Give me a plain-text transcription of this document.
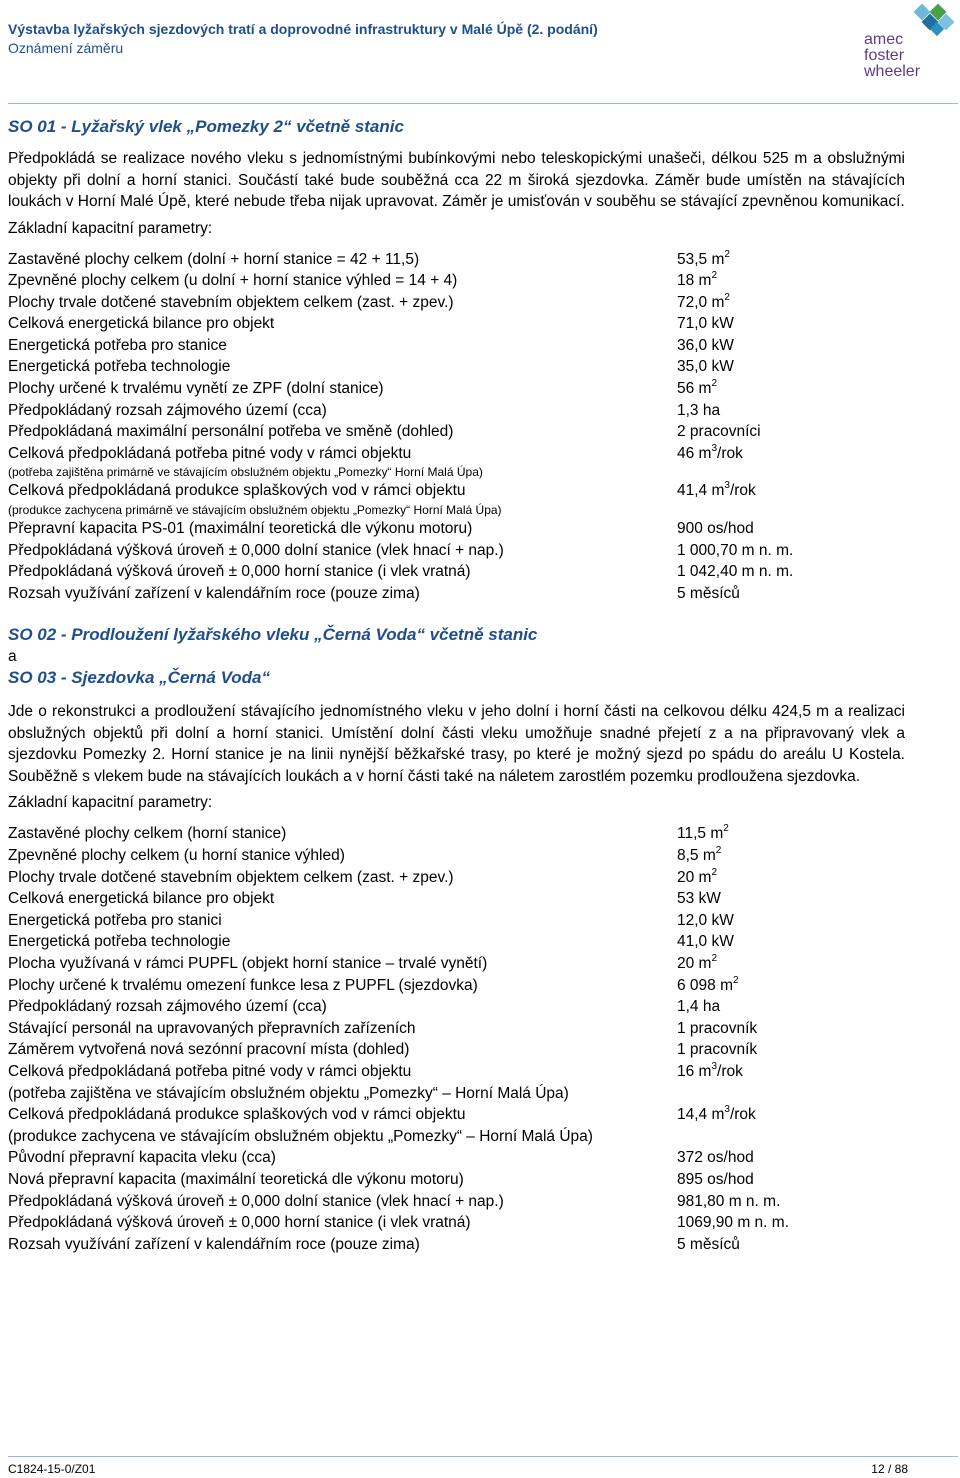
Výstavba lyžařských sjezdových tratí a doprovodné infrastruktury v Malé Úpě (2. podání)
Oznámení záměru	amec
foster
wheeler
SO 01 - Lyžařský vlek „Pomezky 2“ včetně stanic

Předpokládá se realizace nového vleku s jednomístnými bubínkovými nebo teleskopickými unašeči, délkou 525 m a obslužnými objekty při dolní a horní stanici. Součástí také bude souběžná cca 22 m široká sjezdovka. Záměr bude umístěn na stávajících loukách v Horní Malé Úpě, které nebude třeba nijak upravovat. Záměr je umisťován v souběhu se stávající zpevněnou komunikací.

Základní kapacitní parametry:
Zastavěné plochy celkem (dolní + horní stanice = 42 + 11,5)	53,5 $m^2$
Zpevněné plochy celkem (u dolní + horní stanice výhled = 14 + 4)	18 $m^2$
Plochy trvale dotčené stavebním objektem celkem (zast. + zpev.)	72,0 $m^2$
Celková energetická bilance pro objekt	71,0 kW
Energetická potřeba pro stanice	36,0 kW
Energetická potřeba technologie	35,0 kW
Plochy určené k trvalému vynětí ze ZPF (dolní stanice)	56 $m^2$
Předpokládaný rozsah zájmového území (cca)	1,3 ha
Předpokládaná maximální personální potřeba ve směně (dohled)	2 pracovníci
Celková předpokládaná potřeba pitné vody v rámci objektu	46 $m^3$/rok
(potřeba zajištěna primárně ve stávajícím obslužném objektu „Pomezky“ Horní Malá Úpa)
Celková předpokládaná produkce splaškových vod v rámci objektu	41,4 $m^3$/rok
(produkce zachycena primárně ve stávajícím obslužném objektu „Pomezky“ Horní Malá Úpa)
Přepravní kapacita PS-01 (maximální teoretická dle výkonu motoru)	900 os/hod
Předpokládaná výšková úroveň ± 0,000 dolní stanice (vlek hnací + nap.)	1 000,70 m n. m.
Předpokládaná výšková úroveň ± 0,000 horní stanice (i vlek vratná)	1 042,40 m n. m.
Rozsah využívání zařízení v kalendářním roce (pouze zima)	5 měsíců
SO 02 - Prodloužení lyžařského vleku „Černá Voda“ včetně stanic
a
SO 03 - Sjezdovka „Černá Voda“

Jde o rekonstrukci a prodloužení stávajícího jednomístného vleku v jeho dolní i horní části na celkovou délku 424,5 m a realizaci obslužných objektů při dolní a horní stanici. Umístění dolní části vleku umožňuje snadné přejetí z a na připravovaný vlek a sjezdovku Pomezky 2. Horní stanice je na linii nynější běžkařské trasy, po které je možný sjezd po spádu do areálu U Kostela. Souběžně s vlekem bude na stávajících loukách a v horní části také na náletem zarostlém pozemku prodloužena sjezdovka.

Základní kapacitní parametry:
Zastavěné plochy celkem (horní stanice)	11,5 $m^2$
Zpevněné plochy celkem (u horní stanice výhled)	8,5 $m^2$
Plochy trvale dotčené stavebním objektem celkem (zast. + zpev.)	20 $m^2$
Celková energetická bilance pro objekt	53 kW
Energetická potřeba pro stanici	12,0 kW
Energetická potřeba technologie	41,0 kW
Plocha využívaná v rámci PUPFL (objekt horní stanice – trvalé vynětí)	20 $m^2$
Plochy určené k trvalému omezení funkce lesa z PUPFL (sjezdovka)	6 098 $m^2$
Předpokládaný rozsah zájmového území (cca)	1,4 ha
Stávající personál na upravovaných přepravních zařízeních	1 pracovník
Záměrem vytvořená nová sezónní pracovní místa (dohled)	1 pracovník
Celková předpokládaná potřeba pitné vody v rámci objektu	16 $m^3$/rok
(potřeba zajištěna ve stávajícím obslužném objektu „Pomezky“ – Horní Malá Úpa)
Celková předpokládaná produkce splaškových vod v rámci objektu	14,4 $m^3$/rok
(produkce zachycena ve stávajícím obslužném objektu „Pomezky“ – Horní Malá Úpa)
Původní přepravní kapacita vleku (cca)	372 os/hod
Nová přepravní kapacita (maximální teoretická dle výkonu motoru)	895 os/hod
Předpokládaná výšková úroveň ± 0,000 dolní stanice (vlek hnací + nap.)	981,80 m n. m.
Předpokládaná výšková úroveň ± 0,000 horní stanice (i vlek vratná)	1069,90 m n. m.
Rozsah využívání zařízení v kalendářním roce (pouze zima)	5 měsíců
C1824-15-0/Z01	12 / 88
